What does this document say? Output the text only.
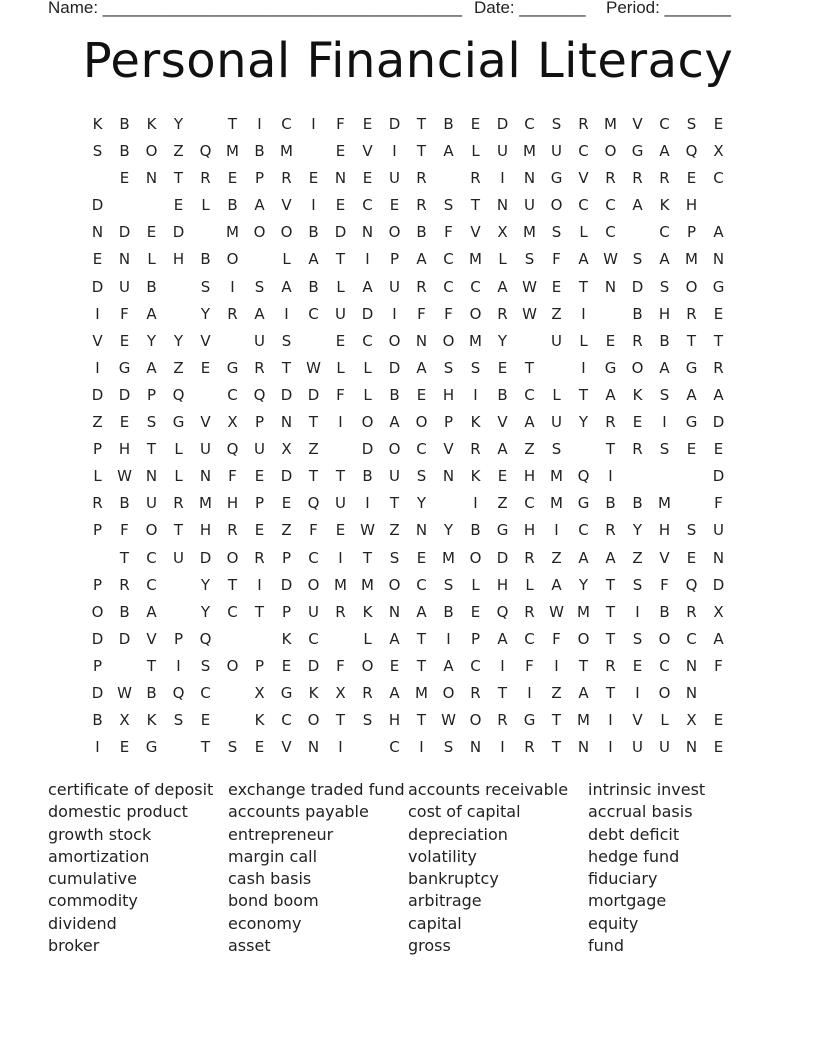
Name: ______________________________________ Date: _______ Period: _______
Personal Financial Literacy
K	B	K	Y	T	I	C	I	F	E	D	T	B	E	D	C	S	R	M	V	C	S	E
S	B	O	Z	Q M	B	M	E	V	I	T	A	L	U	M	U	C	O	G	A	Q	X
E	N	T	R	E	P	R	E	N	E	U	R	R	I	N	G	V	R	R	R	E	C
D	E	L	B	A	V	I	E	C	E	R	S	T	N	U	O	C	C	A	K	H
N	D	E	D	M O	O	B	D	N	O	B	F	V	X	M	S	L	C	C	P	A
E	N	L	H	B	O	L	A	T	I	P	A	C	M	L	S	F	A W S	A	M N
D	U	B	S	I	S	A	B	L	A	U	R	C	C	A W E	T	N	D	S	O	G
I	F	A	Y	R	A	I	C	U	D	I	F	F	O	R W Z	I	B	H	R	E
V	E	Y	Y	V	U	S	E	C	O	N	O M	Y	U	L	E	R	B	T	T
I	G	A	Z	E	G	R	T	W	L	L	D	A	S	S	E	T	I	G	O	A	G	R
D	D	P	Q	C	Q	D	D	F	L	B	E	H	I	B	C	L	T	A	K	S	A	A
Z	E	S	G	V	X	P	N	T	I	O	A	O	P	K	V	A	U	Y	R	E	I	G	D
P	H	T	L	U	Q	U	X	Z	D	O	C	V	R	A	Z	S	T	R	S	E	E
L	W N	L	N	F	E	D	T	T	B	U	S	N	K	E	H M Q	I	D
R	B	U	R	M H	P	E	Q	U	I	T	Y	I	Z	C	M G	B	B	M	F
P	F	O	T	H	R	E	Z	F	E W Z	N	Y	B	G	H	I	C	R	Y	H	S	U
T	C	U	D	O	R	P	C	I	T	S	E	M O	D	R	Z	A	A	Z	V	E	N
P	R	C	Y	T	I	D	O M M O	C	S	L	H	L	A	Y	T	S	F	Q	D
O	B	A	Y	C	T	P	U	R	K	N	A	B	E	Q	R W M	T	I	B	R	X
D	D	V	P	Q	K	C	L	A	T	I	P	A	C	F	O	T	S	O	C	A
P	T	I	S	O	P	E	D	F	O	E	T	A	C	I	F	I	T	R	E	C	N	F
D W B	Q	C	X	G	K	X	R	A	M O	R	T	I	Z	A	T	I	O	N
B	X	K	S	E	K	C	O	T	S	H	T	W O	R	G	T	M	I	V	L	X	E
I	E	G	T	S	E	V	N	I	C	I	S	N	I	R	T	N	I	U	U	N	E
certificate of deposit
domestic product
growth stock
amortization
cumulative
commodity
dividend
broker
exchange traded fund
accounts payable
entrepreneur
margin call
cash basis
bond boom
economy
asset
accounts receivable
cost of capital
depreciation
volatility
bankruptcy
arbitrage
capital
gross
intrinsic invest
accrual basis
debt deficit
hedge fund
fiduciary
mortgage
equity
fund
